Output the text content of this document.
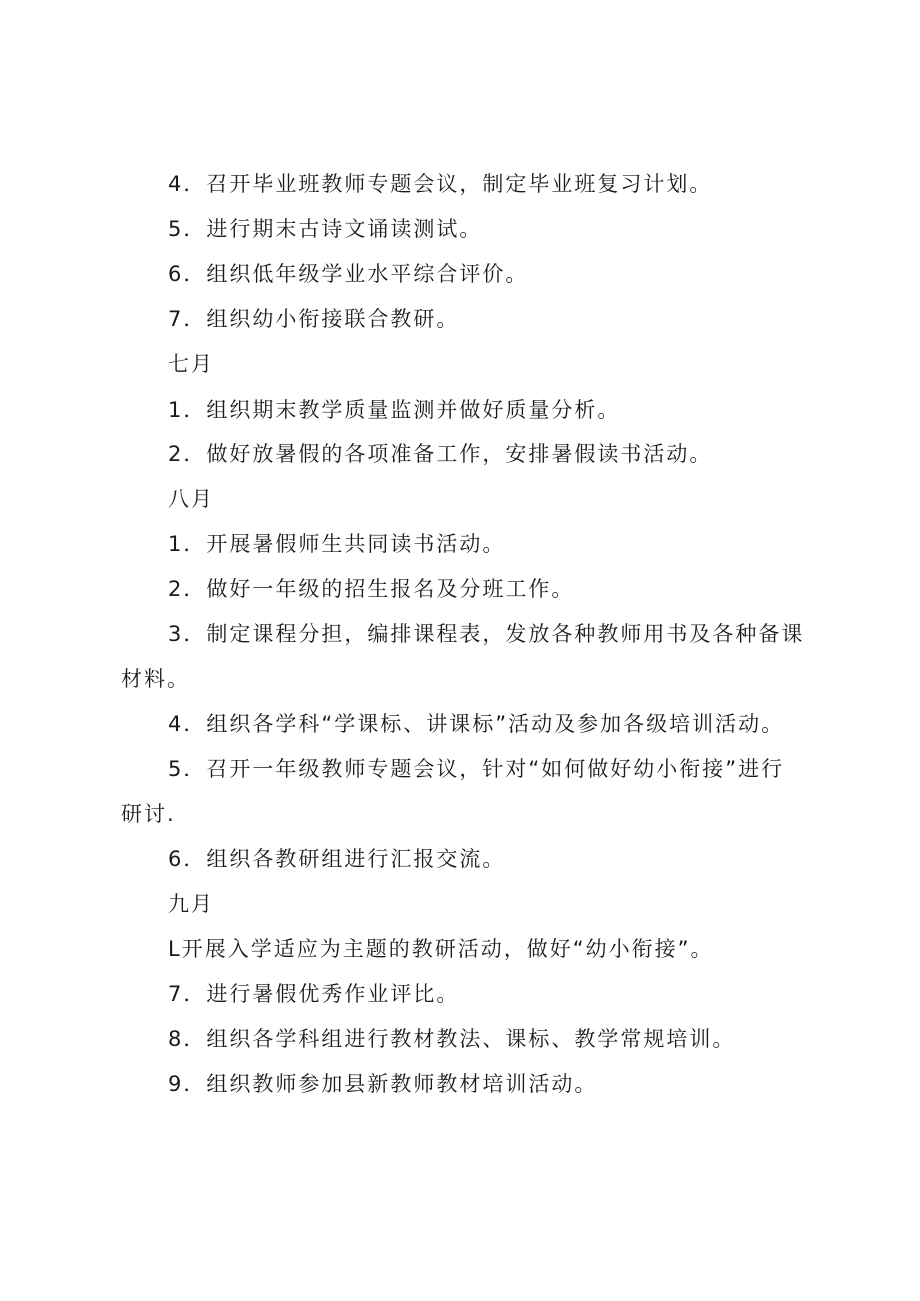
4．召开毕业班教师专题会议，制定毕业班复习计划。
5．进行期末古诗文诵读测试。
6．组织低年级学业水平综合评价。
7．组织幼小衔接联合教研。
七月
1．组织期末教学质量监测并做好质量分析。
2．做好放暑假的各项准备工作，安排暑假读书活动。
八月
1．开展暑假师生共同读书活动。
2．做好一年级的招生报名及分班工作。
3．制定课程分担，编排课程表，发放各种教师用书及各种备课
材料。
4．组织各学科“学课标、讲课标”活动及参加各级培训活动。
5．召开一年级教师专题会议，针对“如何做好幼小衔接”进行
研讨.
6．组织各教研组进行汇报交流。
九月
L开展入学适应为主题的教研活动，做好“幼小衔接”。
7．进行暑假优秀作业评比。
8．组织各学科组进行教材教法、课标、教学常规培训。
9．组织教师参加县新教师教材培训活动。
